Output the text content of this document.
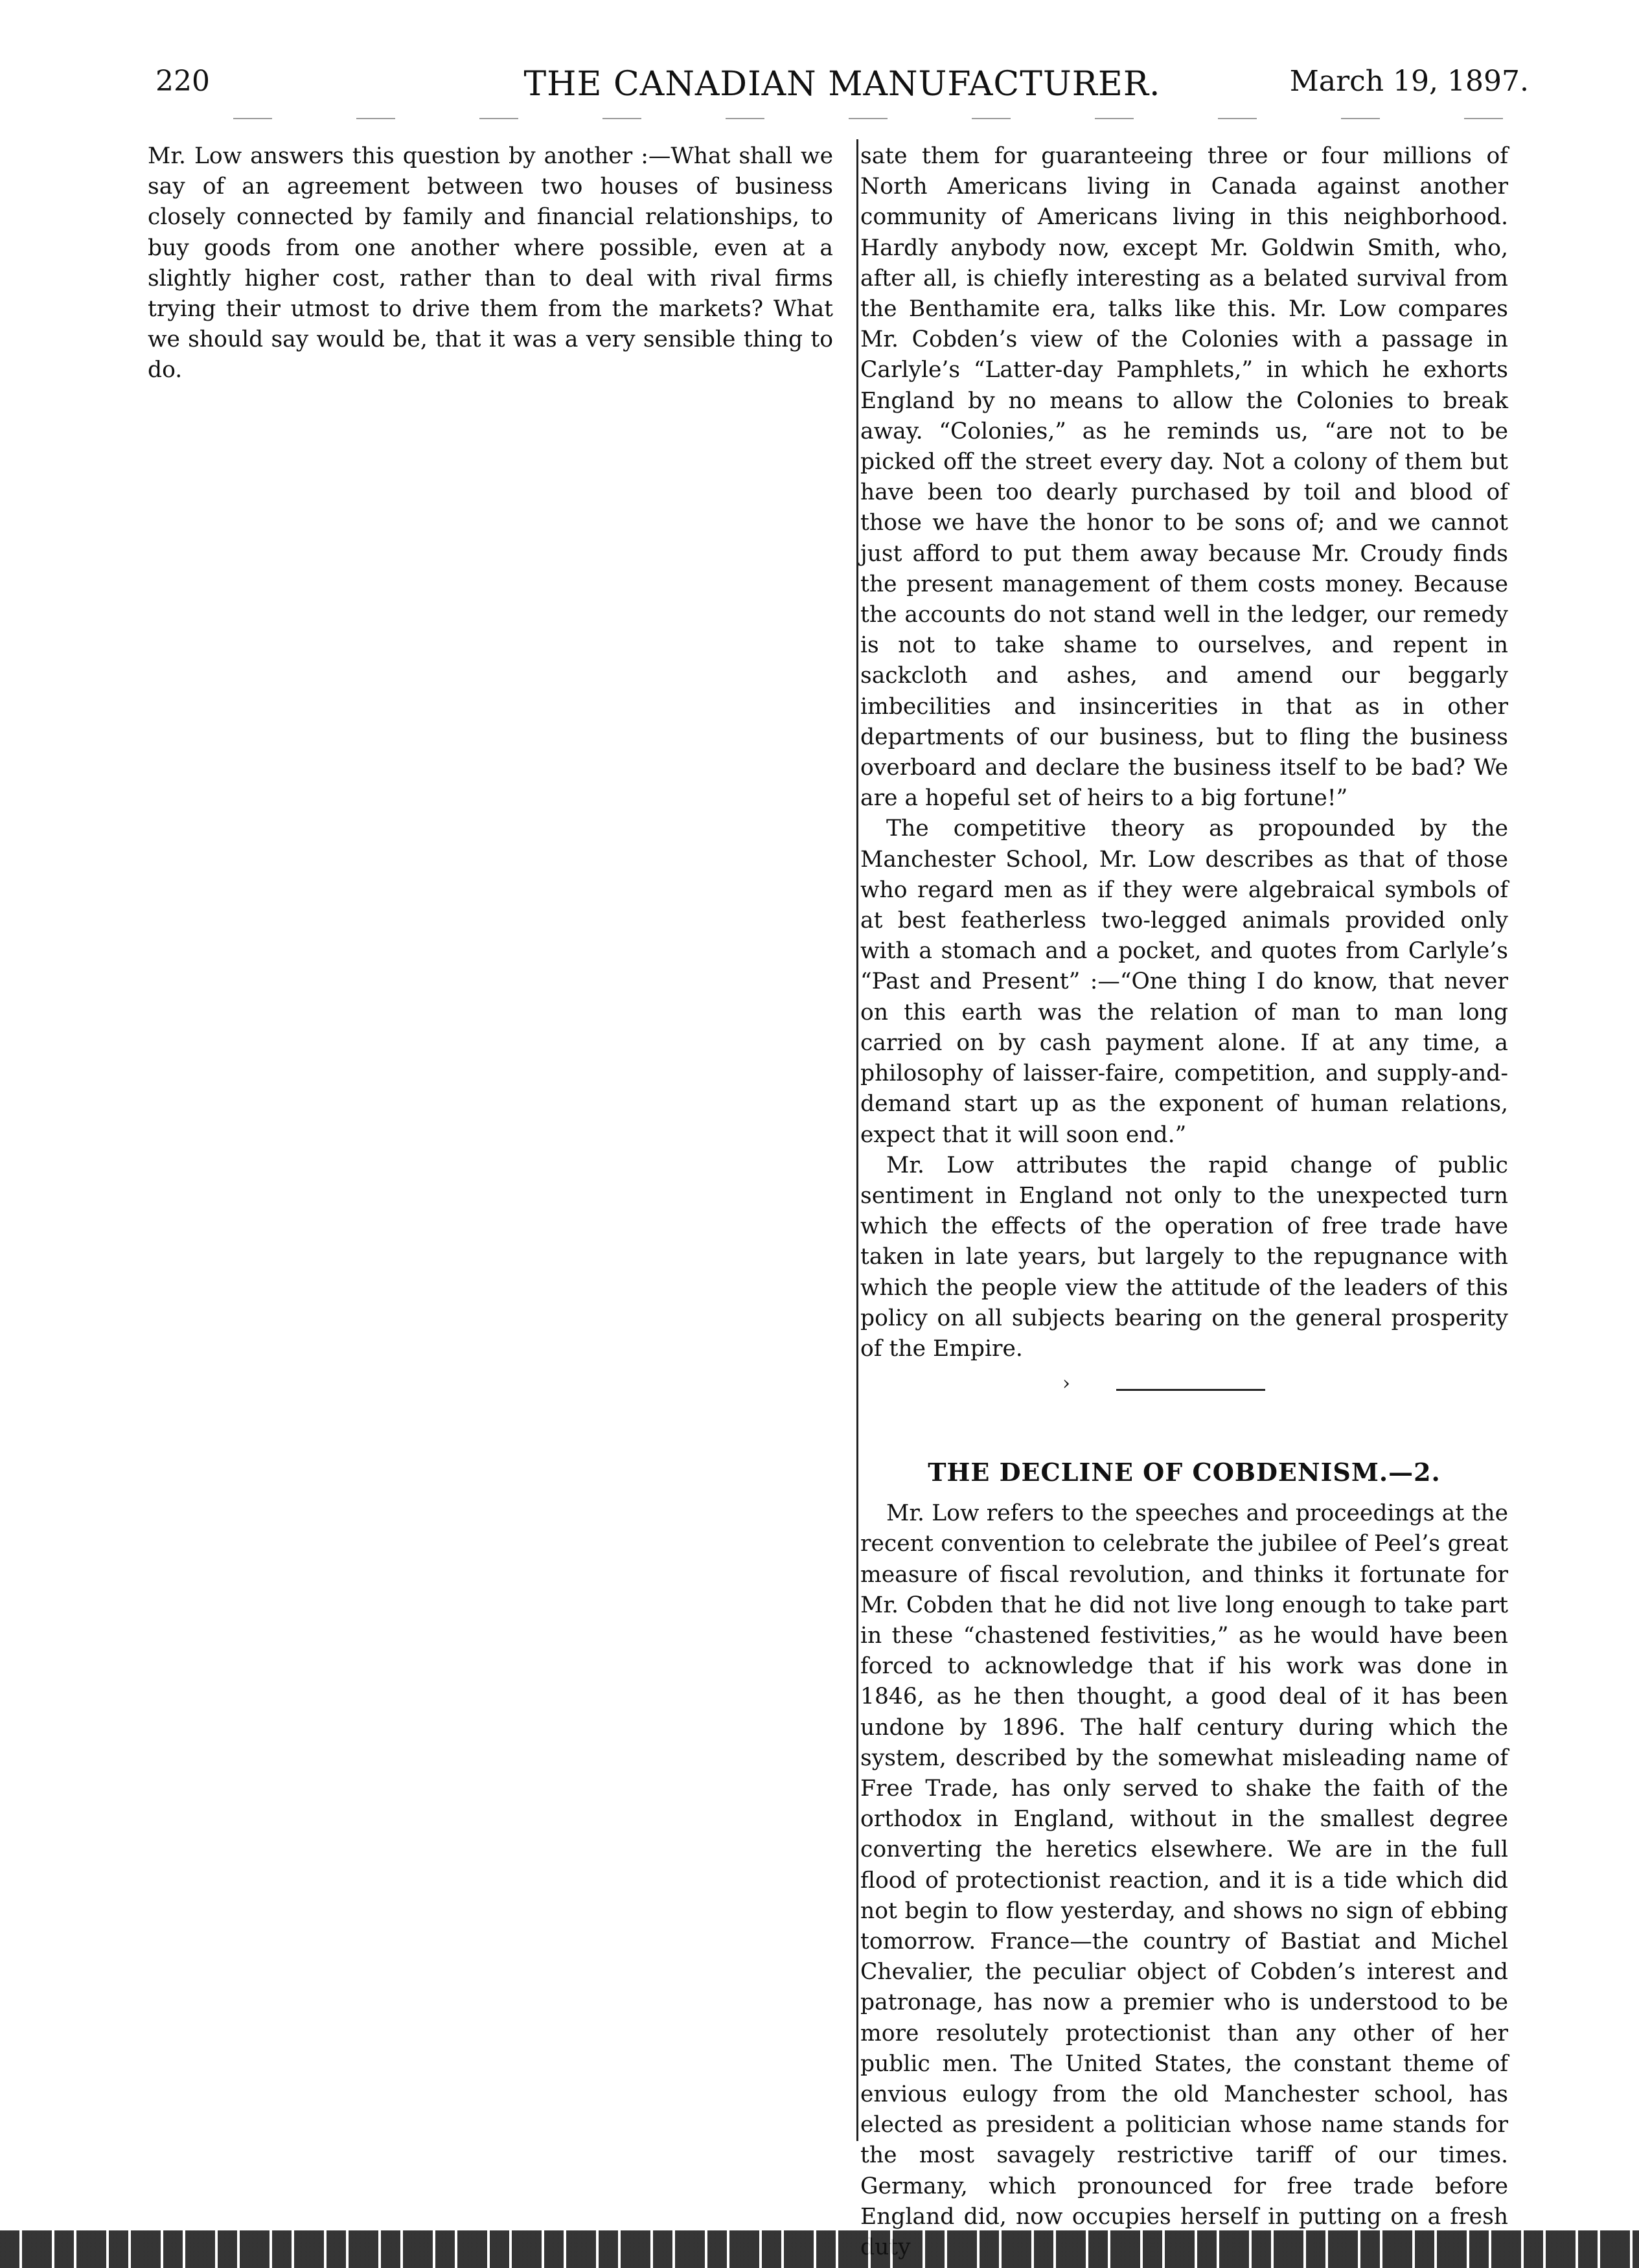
220	THE CANADIAN MANUFACTURER.	March 19, 1897.

Mr. Low answers this question by another :—What shall we say of an agreement between two houses of business closely connected by family and financial relationships, to buy goods from one another where possible, even at a slightly higher cost, rather than to deal with rival firms trying their utmost to drive them from the markets? What we should say would be, that it was a very sensible thing to do.

sate them for guaranteeing three or four millions of North Americans living in Canada against another community of Americans living in this neighborhood. Hardly anybody now, except Mr. Goldwin Smith, who, after all, is chiefly interesting as a belated survival from the Benthamite era, talks like this. Mr. Low compares Mr. Cobden’s view of the Colonies with a passage in Carlyle’s “Latter-day Pamphlets,” in which he exhorts England by no means to allow the Colonies to break away. “Colonies,” as he reminds us, “are not to be picked off the street every day. Not a colony of them but have been too dearly purchased by toil and blood of those we have the honor to be sons of; and we cannot just afford to put them away because Mr. Croudy finds the present management of them costs money. Because the accounts do not stand well in the ledger, our remedy is not to take shame to ourselves, and repent in sackcloth and ashes, and amend our beggarly imbecilities and insincerities in that as in other departments of our business, but to fling the business overboard and declare the business itself to be bad? We are a hopeful set of heirs to a big fortune!”

The competitive theory as propounded by the Manchester School, Mr. Low describes as that of those who regard men as if they were algebraical symbols of at best featherless two-legged animals provided only with a stomach and a pocket, and quotes from Carlyle’s “Past and Present” :—“One thing I do know, that never on this earth was the relation of man to man long carried on by cash payment alone. If at any time, a philosophy of laisser-faire, competition, and supply-and-demand start up as the exponent of human relations, expect that it will soon end.”

Mr. Low attributes the rapid change of public sentiment in England not only to the unexpected turn which the effects of the operation of free trade have taken in late years, but largely to the repugnance with which the people view the attitude of the leaders of this policy on all subjects bearing on the general prosperity of the Empire.

›
THE DECLINE OF COBDENISM.—2.

Mr. Low refers to the speeches and proceedings at the recent convention to celebrate the jubilee of Peel’s great measure of fiscal revolution, and thinks it fortunate for Mr. Cobden that he did not live long enough to take part in these “chastened festivities,” as he would have been forced to acknowledge that if his work was done in 1846, as he then thought, a good deal of it has been undone by 1896. The half century during which the system, described by the somewhat misleading name of Free Trade, has only served to shake the faith of the orthodox in England, without in the smallest degree converting the heretics elsewhere. We are in the full flood of protectionist reaction, and it is a tide which did not begin to flow yesterday, and shows no sign of ebbing tomorrow. France—the country of Bastiat and Michel Chevalier, the peculiar object of Cobden’s interest and patronage, has now a premier who is understood to be more resolutely protectionist than any other of her public men. The United States, the constant theme of envious eulogy from the old Manchester school, has elected as president a politician whose name stands for the most savagely restrictive tariff of our times. Germany, which pronounced for free trade before England did, now occupies herself in putting on a fresh
